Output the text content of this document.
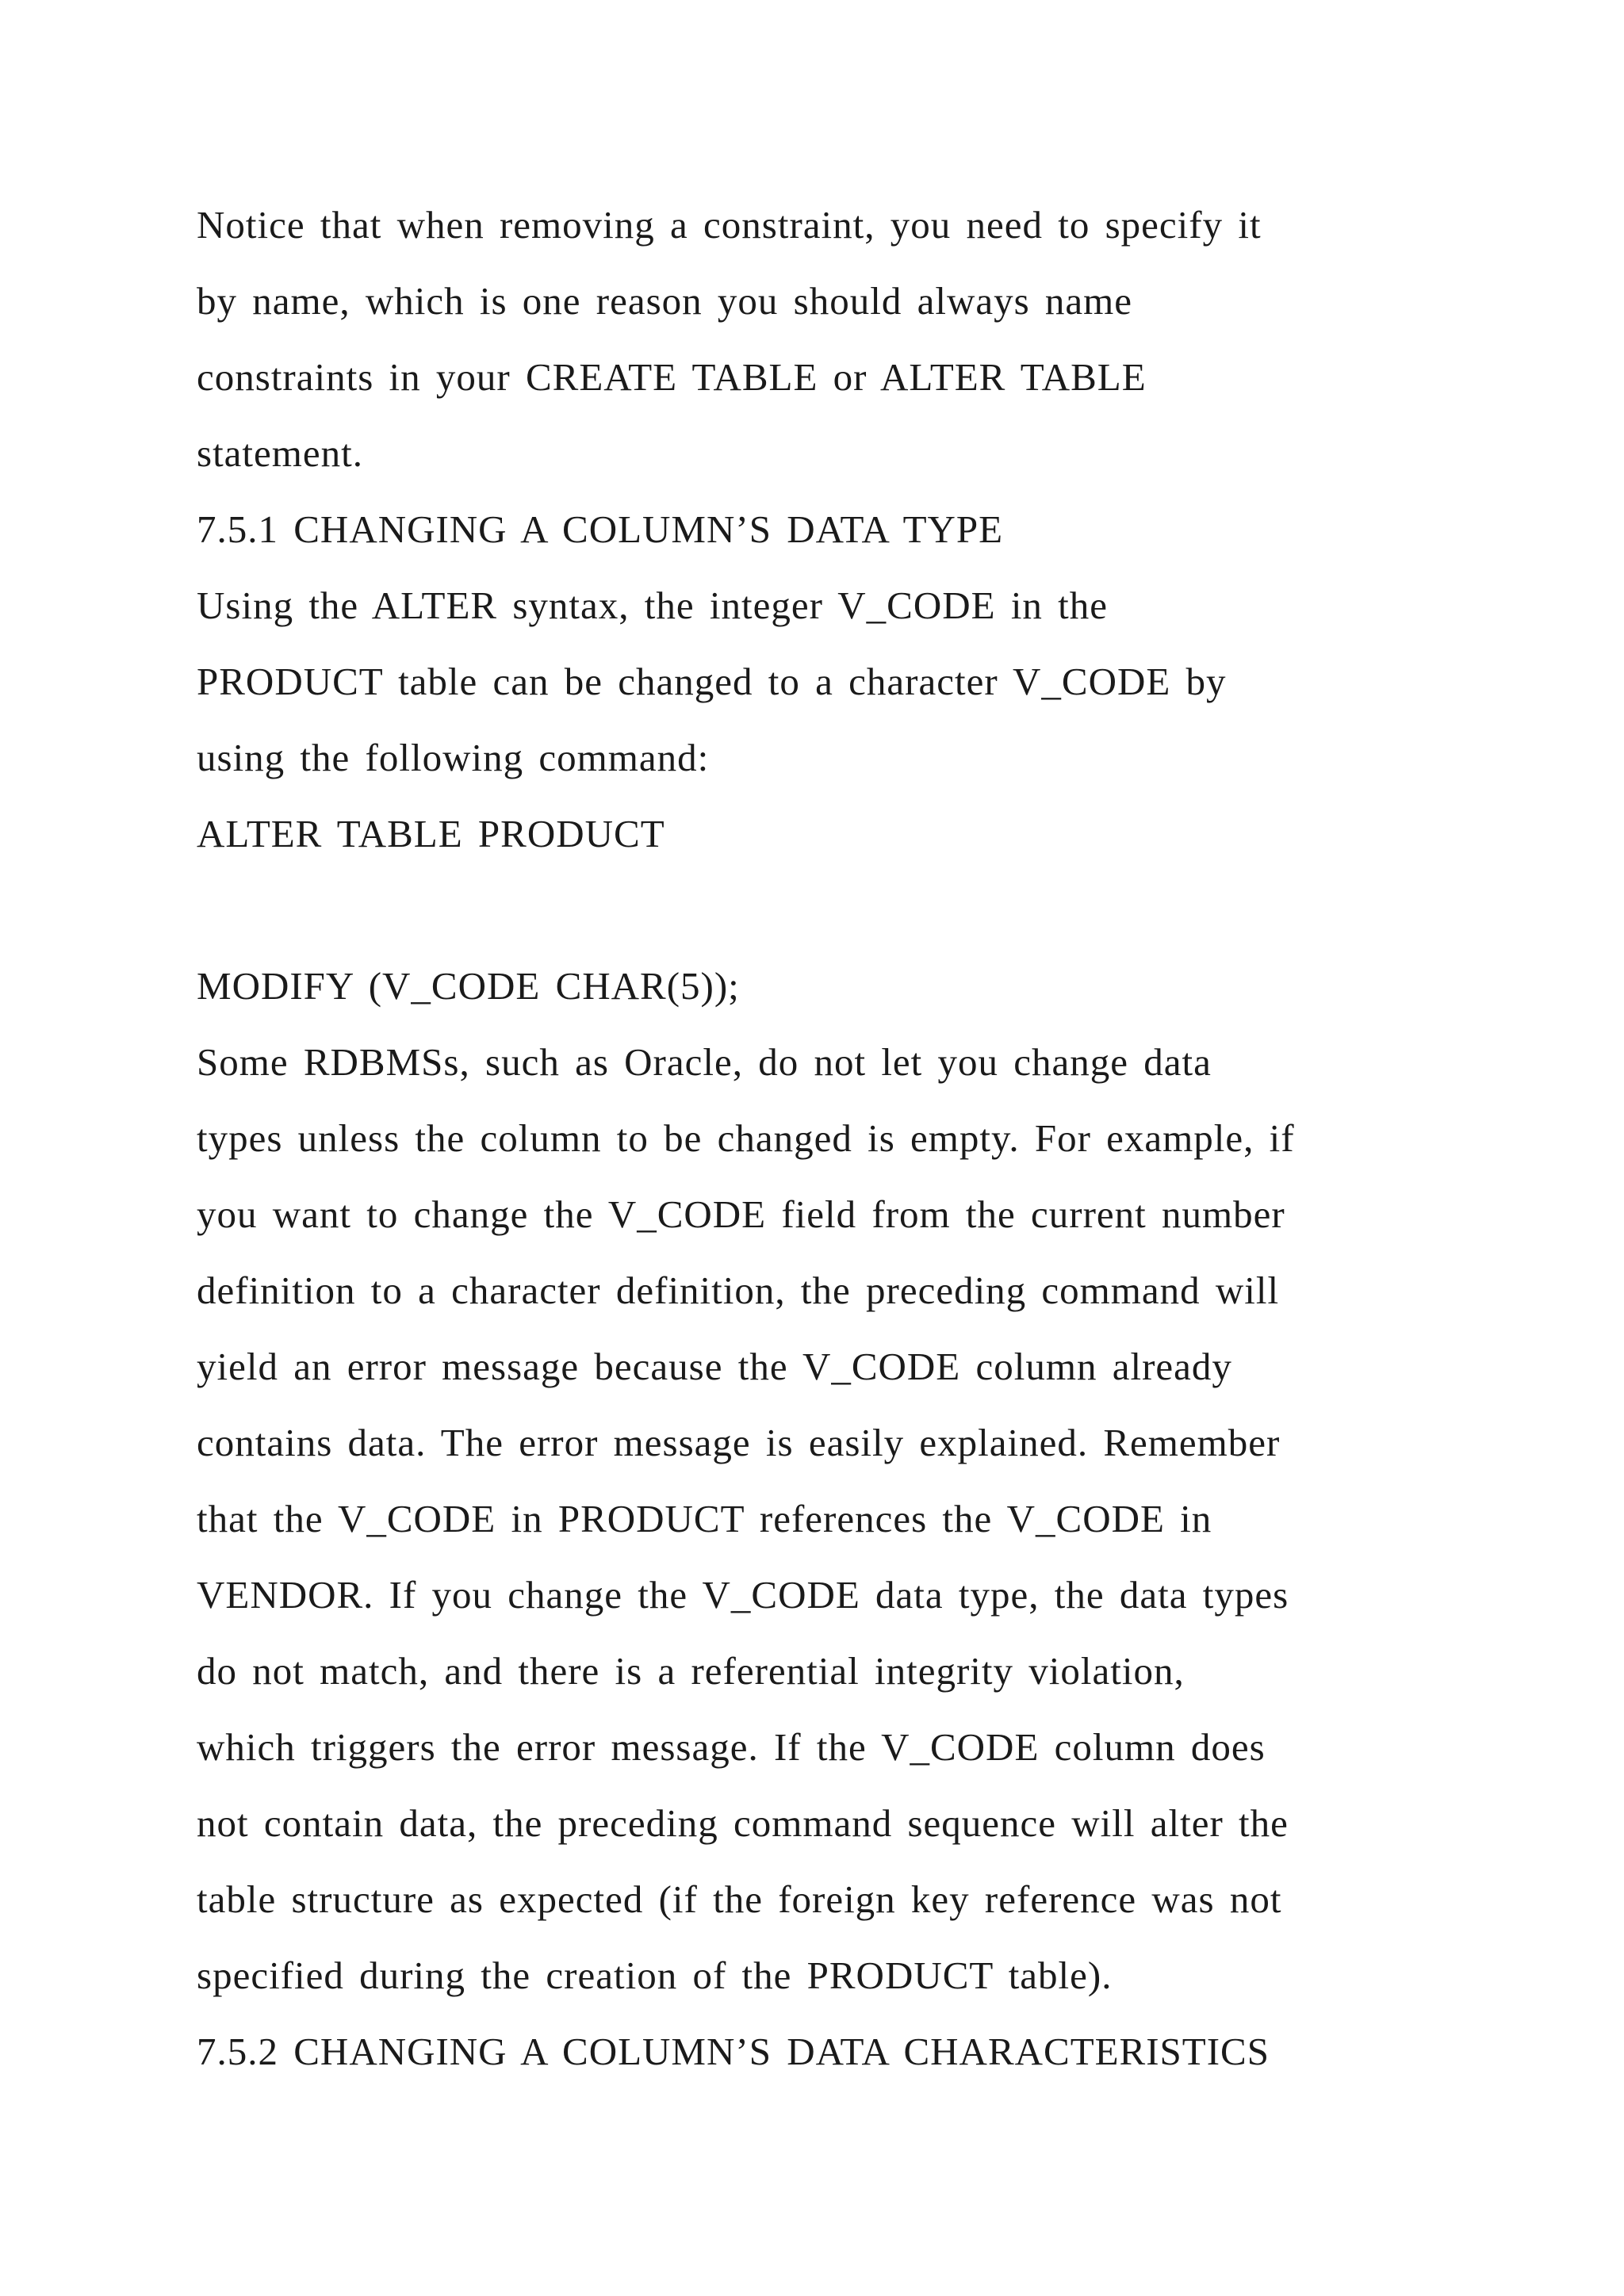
Notice that when removing a constraint, you need to specify it
by name, which is one reason you should always name
constraints in your CREATE TABLE or ALTER TABLE
statement.
7.5.1 CHANGING A COLUMN’S DATA TYPE
Using the ALTER syntax, the integer V_CODE in the
PRODUCT table can be changed to a character V_CODE by
using the following command:
ALTER TABLE PRODUCT
MODIFY (V_CODE CHAR(5));
Some RDBMSs, such as Oracle, do not let you change data
types unless the column to be changed is empty. For example, if
you want to change the V_CODE field from the current number
definition to a character definition, the preceding command will
yield an error message because the V_CODE column already
contains data. The error message is easily explained. Remember
that the V_CODE in PRODUCT references the V_CODE in
VENDOR. If you change the V_CODE data type, the data types
do not match, and there is a referential integrity violation,
which triggers the error message. If the V_CODE column does
not contain data, the preceding command sequence will alter the
table structure as expected (if the foreign key reference was not
specified during the creation of the PRODUCT table).
7.5.2 CHANGING A COLUMN’S DATA CHARACTERISTICS
